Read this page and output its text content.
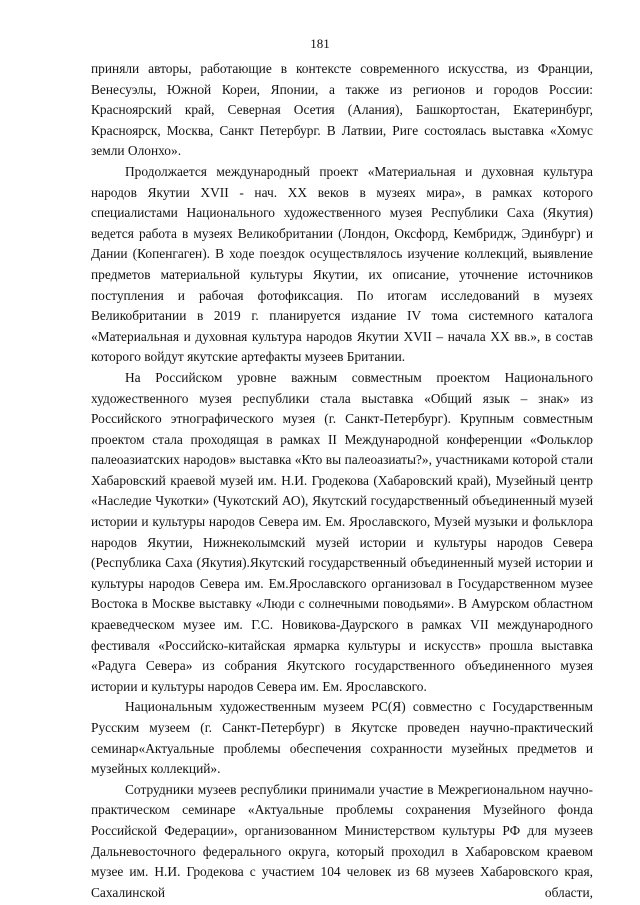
181

приняли авторы, работающие в контексте современного искусства, из Франции, Венесуэлы, Южной Кореи, Японии, а также из регионов и городов России: Красноярский край, Северная Осетия (Алания), Башкортостан, Екатеринбург, Красноярск, Москва, Санкт Петербург. В Латвии, Риге состоялась выставка «Хомус земли Олонхо».

Продолжается международный проект «Материальная и духовная культура народов Якутии XVII - нач. XX веков в музеях мира», в рамках которого специалистами Национального художественного музея Республики Саха (Якутия) ведется работа в музеях Великобритании (Лондон, Оксфорд, Кембридж, Эдинбург) и Дании (Копенгаген). В ходе поездок осуществлялось изучение коллекций, выявление предметов материальной культуры Якутии, их описание, уточнение источников поступления и рабочая фотофиксация. По итогам исследований в музеях Великобритании в 2019 г. планируется издание IV тома системного каталога «Материальная и духовная культура народов Якутии XVII – начала XX вв.», в состав которого войдут якутские артефакты музеев Британии.

На Российском уровне важным совместным проектом Национального художественного музея республики стала выставка «Общий язык – знак» из Российского этнографического музея (г. Санкт-Петербург). Крупным совместным проектом стала проходящая в рамках II Международной конференции «Фольклор палеоазиатских народов» выставка «Кто вы палеоазиаты?», участниками которой стали Хабаровский краевой музей им. Н.И. Гродекова (Хабаровский край), Музейный центр «Наследие Чукотки» (Чукотский АО), Якутский государственный объединенный музей истории и культуры народов Севера им. Ем. Ярославского, Музей музыки и фольклора народов Якутии, Нижнеколымский музей истории и культуры народов Севера (Республика Саха (Якутия).Якутский государственный объединенный музей истории и культуры народов Севера им. Ем.Ярославского организовал в Государственном музее Востока в Москве выставку «Люди с солнечными поводьями». В Амурском областном краеведческом музее им. Г.С. Новикова-Даурского в рамках VII международного фестиваля «Российско-китайская ярмарка культуры и искусств» прошла выставка «Радуга Севера» из собрания Якутского государственного объединенного музея истории и культуры народов Севера им. Ем. Ярославского.

Национальным художественным музеем РС(Я) совместно с Государственным Русским музеем (г. Санкт-Петербург) в Якутске проведен научно-практический семинар«Актуальные проблемы обеспечения сохранности музейных предметов и музейных коллекций».

Сотрудники музеев республики принимали участие в Межрегиональном научно-практическом семинаре «Актуальные проблемы сохранения Музейного фонда Российской Федерации», организованном Министерством культуры РФ для музеев Дальневосточного федерального округа, который проходил в Хабаровском краевом музее им. Н.И. Гродекова с участием 104 человек из 68 музеев Хабаровского края, Сахалинской области,
